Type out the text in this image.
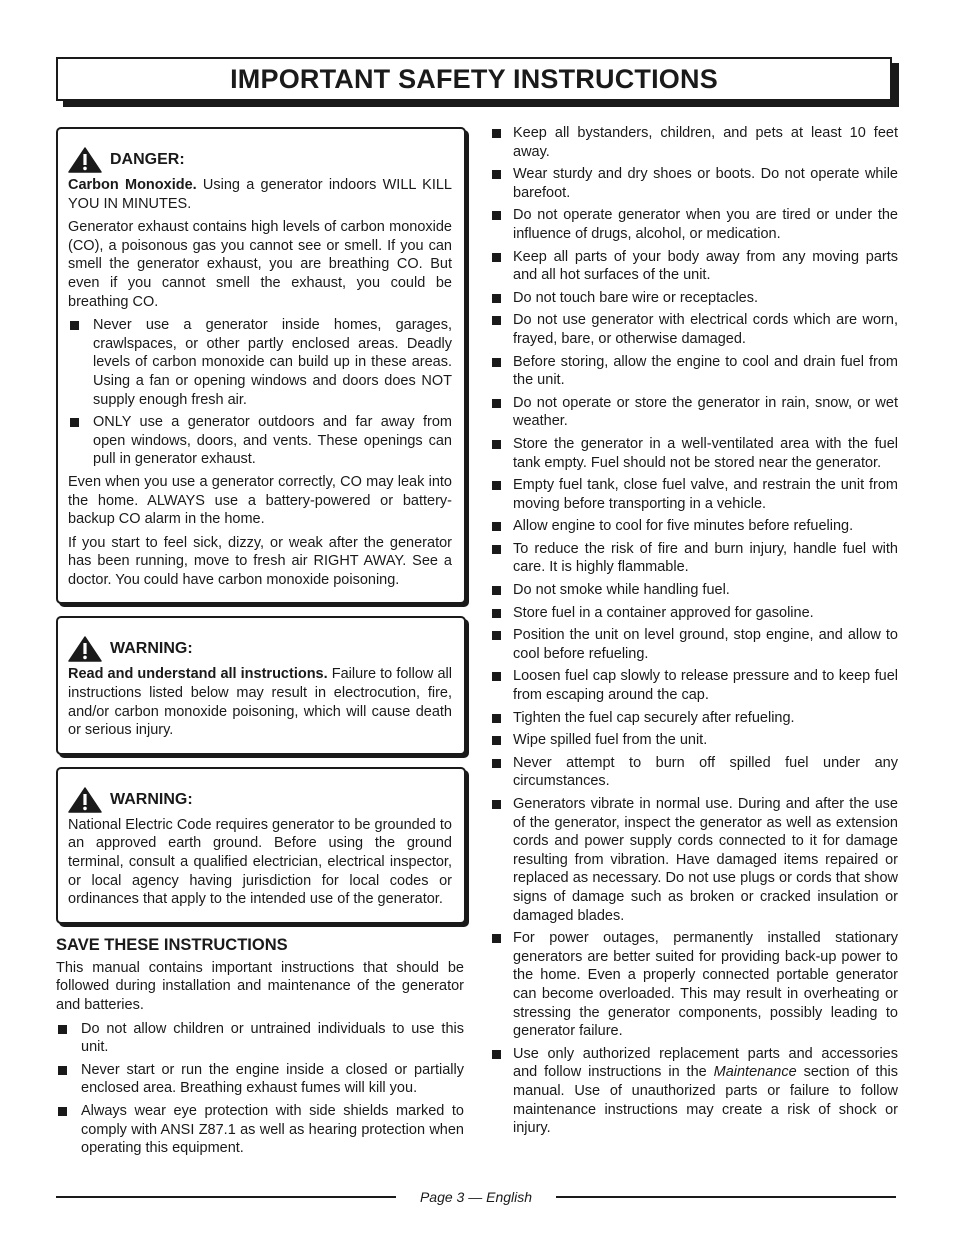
IMPORTANT SAFETY INSTRUCTIONS
DANGER:

Carbon Monoxide. Using a generator indoors WILL KILL YOU IN MINUTES.

Generator exhaust contains high levels of carbon monoxide (CO), a poisonous gas you cannot see or smell. If you can smell the generator exhaust, you are breathing CO. But even if you cannot smell the exhaust, you could be breathing CO.

Never use a generator inside homes, garages, crawlspaces, or other partly enclosed areas. Deadly levels of carbon monoxide can build up in these areas. Using a fan or opening windows and doors does NOT supply enough fresh air.
ONLY use a generator outdoors and far away from open windows, doors, and vents. These openings can pull in generator exhaust.

Even when you use a generator correctly, CO may leak into the home. ALWAYS use a battery-powered or battery-backup CO alarm in the home.

If you start to feel sick, dizzy, or weak after the generator has been running, move to fresh air RIGHT AWAY. See a doctor. You could have carbon monoxide poisoning.

WARNING:

Read and understand all instructions. Failure to follow all instructions listed below may result in electrocution, fire, and/or carbon monoxide poisoning, which will cause death or serious injury.

WARNING:

National Electric Code requires generator to be grounded to an approved earth ground. Before using the ground terminal, consult a qualified electrician, electrical inspector, or local agency having jurisdiction for local codes or ordinances that apply to the intended use of the generator.

SAVE THESE INSTRUCTIONS

This manual contains important instructions that should be followed during installation and maintenance of the generator and batteries.

Do not allow children or untrained individuals to use this unit.
Never start or run the engine inside a closed or partially enclosed area. Breathing exhaust fumes will kill you.
Always wear eye protection with side shields marked to comply with ANSI Z87.1 as well as hearing protection when operating this equipment.
Keep all bystanders, children, and pets at least 10 feet away.
Wear sturdy and dry shoes or boots. Do not operate while barefoot.
Do not operate generator when you are tired or under the influence of drugs, alcohol, or medication.
Keep all parts of your body away from any moving parts and all hot surfaces of the unit.
Do not touch bare wire or receptacles.
Do not use generator with electrical cords which are worn, frayed, bare, or otherwise damaged.
Before storing, allow the engine to cool and drain fuel from the unit.
Do not operate or store the generator in rain, snow, or wet weather.
Store the generator in a well-ventilated area with the fuel tank empty. Fuel should not be stored near the generator.
Empty fuel tank, close fuel valve, and restrain the unit from moving before transporting in a vehicle.
Allow engine to cool for five minutes before refueling.
To reduce the risk of fire and burn injury, handle fuel with care. It is highly flammable.
Do not smoke while handling fuel.
Store fuel in a container approved for gasoline.
Position the unit on level ground, stop engine, and allow to cool before refueling.
Loosen fuel cap slowly to release pressure and to keep fuel from escaping around the cap.
Tighten the fuel cap securely after refueling.
Wipe spilled fuel from the unit.
Never attempt to burn off spilled fuel under any circumstances.
Generators vibrate in normal use. During and after the use of the generator, inspect the generator as well as extension cords and power supply cords connected to it for damage resulting from vibration. Have damaged items repaired or replaced as necessary. Do not use plugs or cords that show signs of damage such as broken or cracked insulation or damaged blades.
For power outages, permanently installed stationary generators are better suited for providing back-up power to the home. Even a properly connected portable generator can become overloaded. This may result in overheating or stressing the generator components, possibly leading to generator failure.
Use only authorized replacement parts and accessories and follow instructions in the Maintenance section of this manual. Use of unauthorized parts or failure to follow maintenance instructions may create a risk of shock or injury.
Page 3 — English
